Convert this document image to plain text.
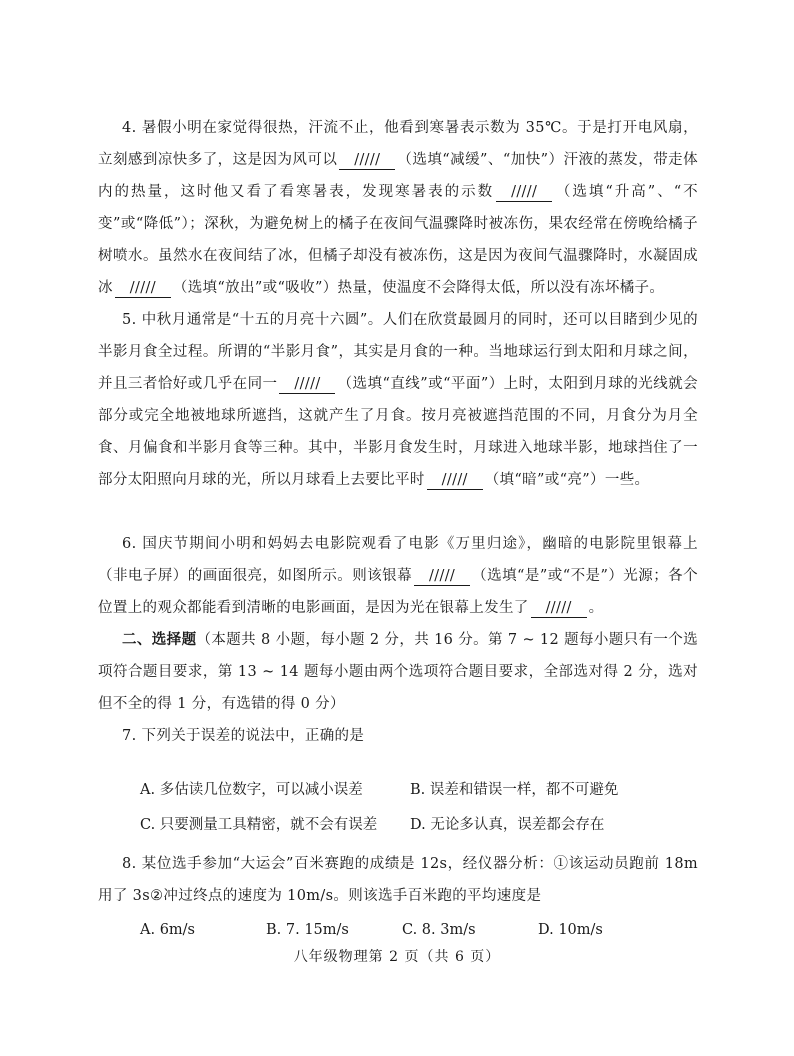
4. 暑假小明在家觉得很热，汗流不止，他看到寒暑表示数为 35℃。于是打开电风扇，立刻感到凉快多了，这是因为风可以 ///// （选填“减缓”、“加快”）汗液的蒸发，带走体内的热量，这时他又看了看寒暑表，发现寒暑表的示数 ///// （选填“升高”、“不变”或“降低”）；深秋，为避免树上的橘子在夜间气温骤降时被冻伤，果农经常在傍晚给橘子树喷水。虽然水在夜间结了冰，但橘子却没有被冻伤，这是因为夜间气温骤降时，水凝固成冰 ///// （选填“放出”或“吸收”）热量，使温度不会降得太低，所以没有冻坏橘子。
5. 中秋月通常是“十五的月亮十六圆”。人们在欣赏最圆月的同时，还可以目睹到少见的半影月食全过程。所谓的“半影月食”，其实是月食的一种。当地球运行到太阳和月球之间，并且三者恰好或几乎在同一 ///// （选填“直线”或“平面”）上时，太阳到月球的光线就会部分或完全地被地球所遮挡，这就产生了月食。按月亮被遮挡范围的不同，月食分为月全食、月偏食和半影月食等三种。其中，半影月食发生时，月球进入地球半影，地球挡住了一部分太阳照向月球的光，所以月球看上去要比平时 ///// （填“暗”或“亮”）一些。
6. 国庆节期间小明和妈妈去电影院观看了电影《万里归途》，幽暗的电影院里银幕上（非电子屏）的画面很亮，如图所示。则该银幕 ///// （选填“是”或“不是”）光源；各个位置上的观众都能看到清晰的电影画面，是因为光在银幕上发生了 ///// 。
二、选择题（本题共 8 小题，每小题 2 分，共 16 分。第 7 ~ 12 题每小题只有一个选项符合题目要求，第 13 ~ 14 题每小题由两个选项符合题目要求，全部选对得 2 分，选对但不全的得 1 分，有选错的得 0 分）
7. 下列关于误差的说法中，正确的是
A. 多估读几位数字，可以减小误差	B. 误差和错误一样，都不可避免
C. 只要测量工具精密，就不会有误差 D. 无论多认真，误差都会存在
8. 某位选手参加“大运会”百米赛跑的成绩是 12s，经仪器分析：①该运动员跑前 18m 用了 3s②冲过终点的速度为 10m/s。则该选手百米跑的平均速度是
A. 6m/s	B. 7. 15m/s	C. 8. 3m/s	D. 10m/s
八年级物理第 2 页（共 6 页）
